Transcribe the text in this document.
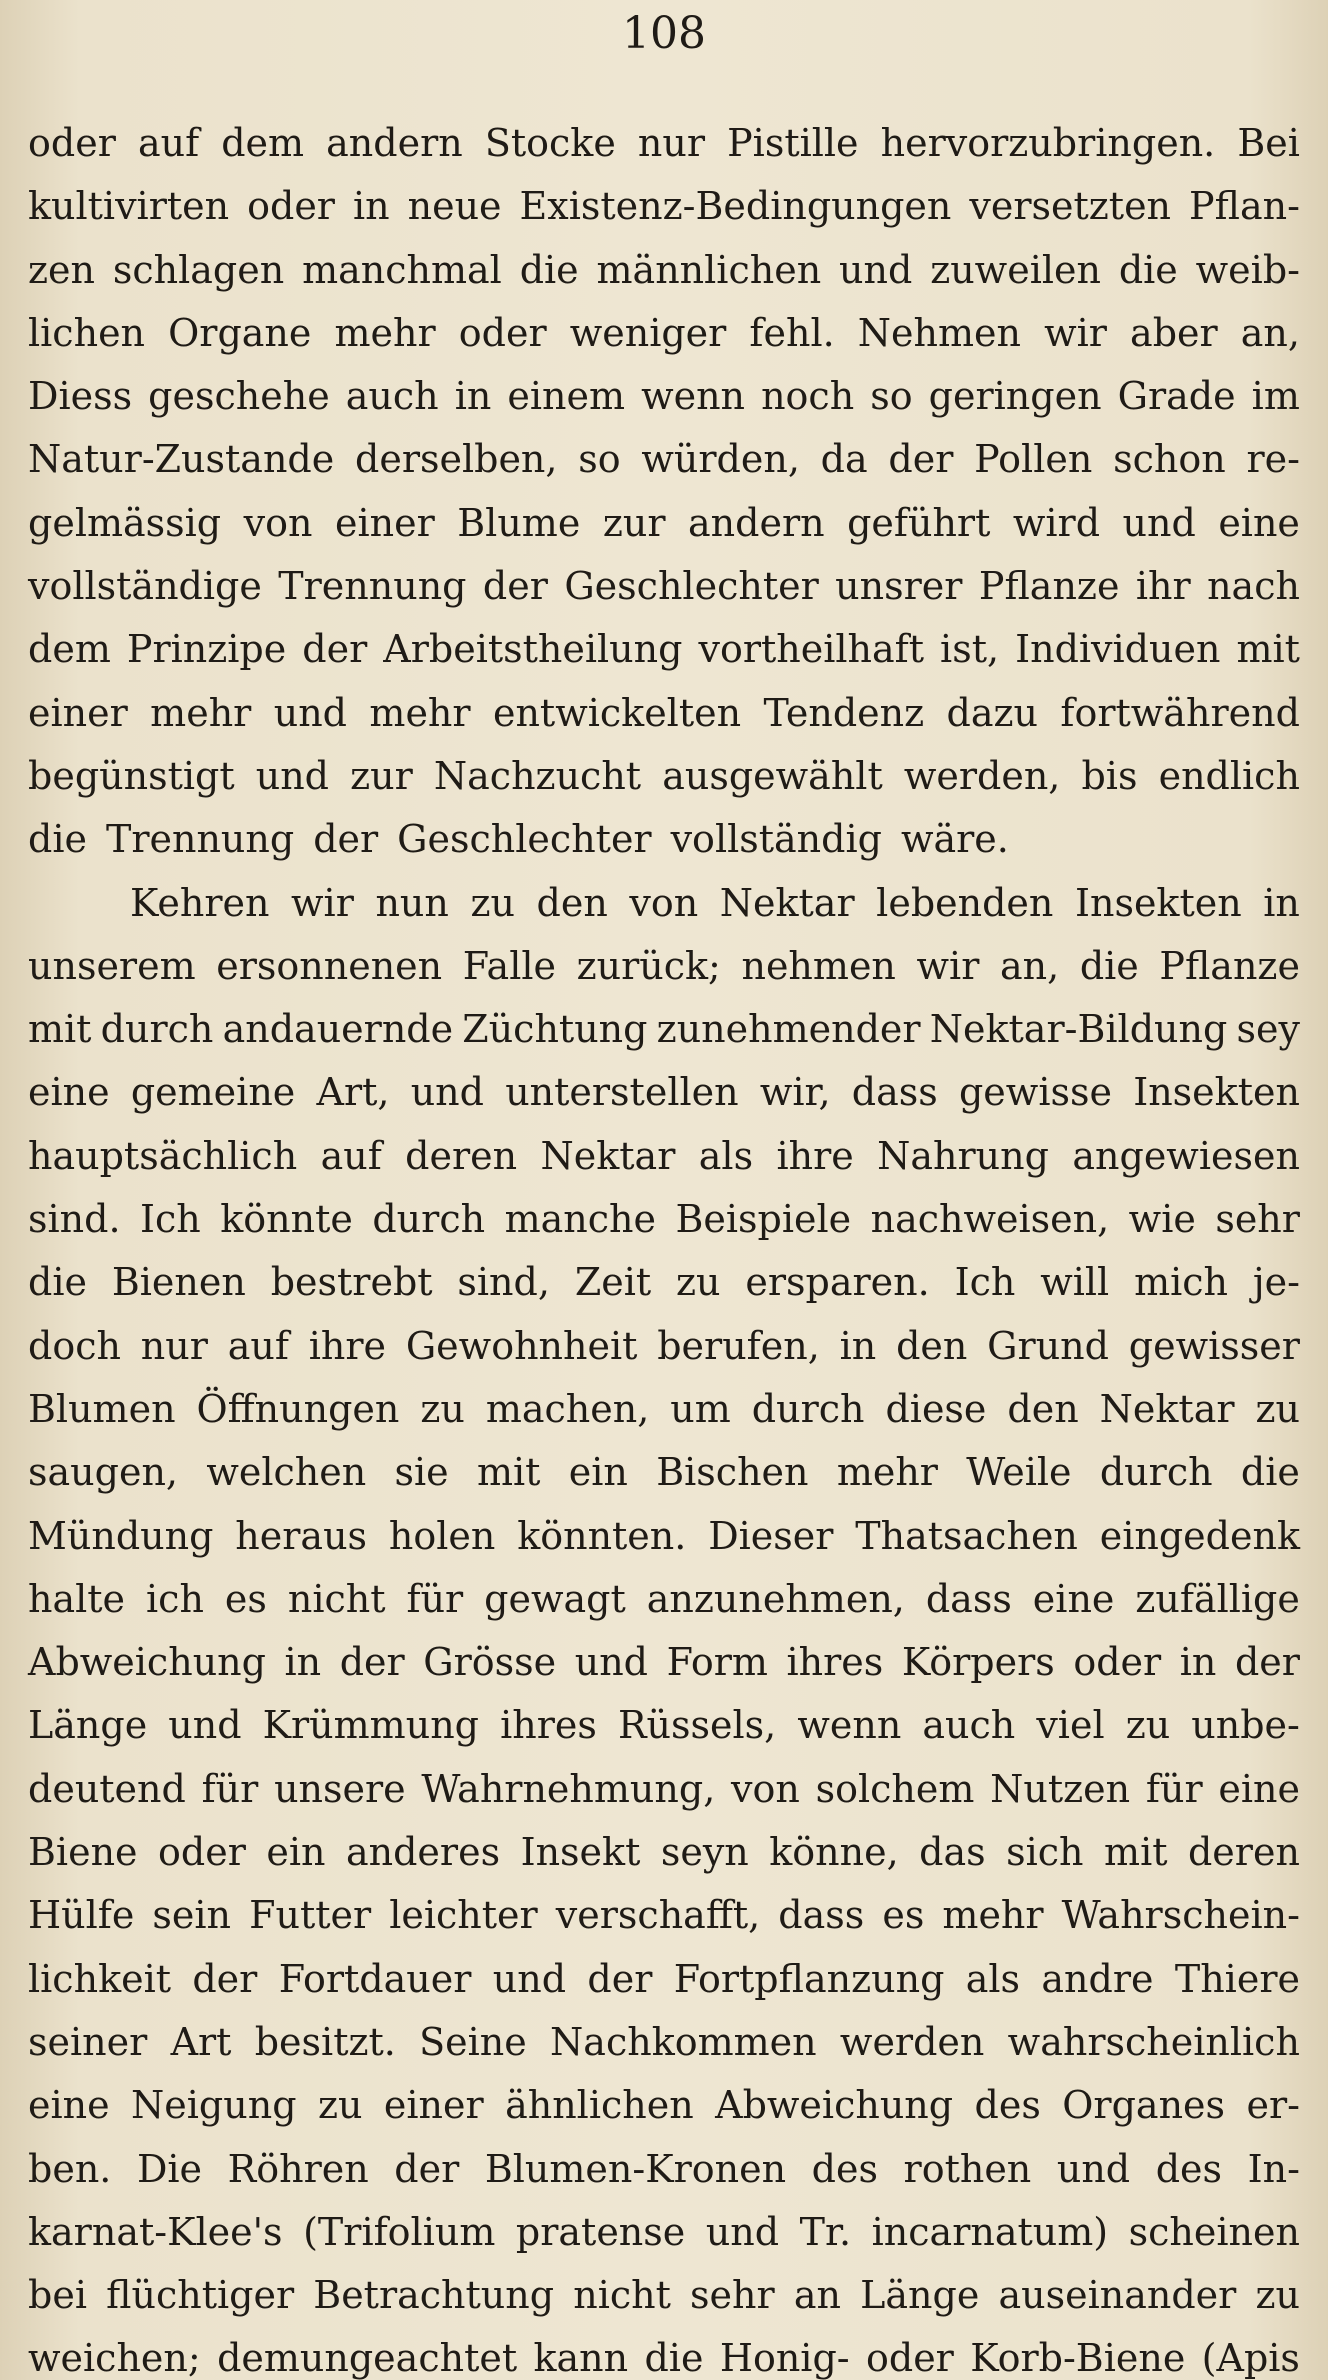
108
oder auf dem andern Stocke nur Pistille hervorzubringen. Bei
kultivirten oder in neue Existenz-Bedingungen versetzten Pflan-
zen schlagen manchmal die männlichen und zuweilen die weib-
lichen Organe mehr oder weniger fehl. Nehmen wir aber an,
Diess geschehe auch in einem wenn noch so geringen Grade im
Natur-Zustande derselben, so würden, da der Pollen schon re-
gelmässig von einer Blume zur andern geführt wird und eine
vollständige Trennung der Geschlechter unsrer Pflanze ihr nach
dem Prinzipe der Arbeitstheilung vortheilhaft ist, Individuen mit
einer mehr und mehr entwickelten Tendenz dazu fortwährend
begünstigt und zur Nachzucht ausgewählt werden, bis endlich
die Trennung der Geschlechter vollständig wäre.
Kehren wir nun zu den von Nektar lebenden Insekten in
unserem ersonnenen Falle zurück; nehmen wir an, die Pflanze
mit durch andauernde Züchtung zunehmender Nektar-Bildung sey
eine gemeine Art, und unterstellen wir, dass gewisse Insekten
hauptsächlich auf deren Nektar als ihre Nahrung angewiesen
sind. Ich könnte durch manche Beispiele nachweisen, wie sehr
die Bienen bestrebt sind, Zeit zu ersparen. Ich will mich je-
doch nur auf ihre Gewohnheit berufen, in den Grund gewisser
Blumen Öffnungen zu machen, um durch diese den Nektar zu
saugen, welchen sie mit ein Bischen mehr Weile durch die
Mündung heraus holen könnten. Dieser Thatsachen eingedenk
halte ich es nicht für gewagt anzunehmen, dass eine zufällige
Abweichung in der Grösse und Form ihres Körpers oder in der
Länge und Krümmung ihres Rüssels, wenn auch viel zu unbe-
deutend für unsere Wahrnehmung, von solchem Nutzen für eine
Biene oder ein anderes Insekt seyn könne, das sich mit deren
Hülfe sein Futter leichter verschafft, dass es mehr Wahrschein-
lichkeit der Fortdauer und der Fortpflanzung als andre Thiere
seiner Art besitzt. Seine Nachkommen werden wahrscheinlich
eine Neigung zu einer ähnlichen Abweichung des Organes er-
ben. Die Röhren der Blumen-Kronen des rothen und des In-
karnat-Klee's (Trifolium pratense und Tr. incarnatum) scheinen
bei flüchtiger Betrachtung nicht sehr an Länge auseinander zu
weichen; demungeachtet kann die Honig- oder Korb-Biene (Apis
